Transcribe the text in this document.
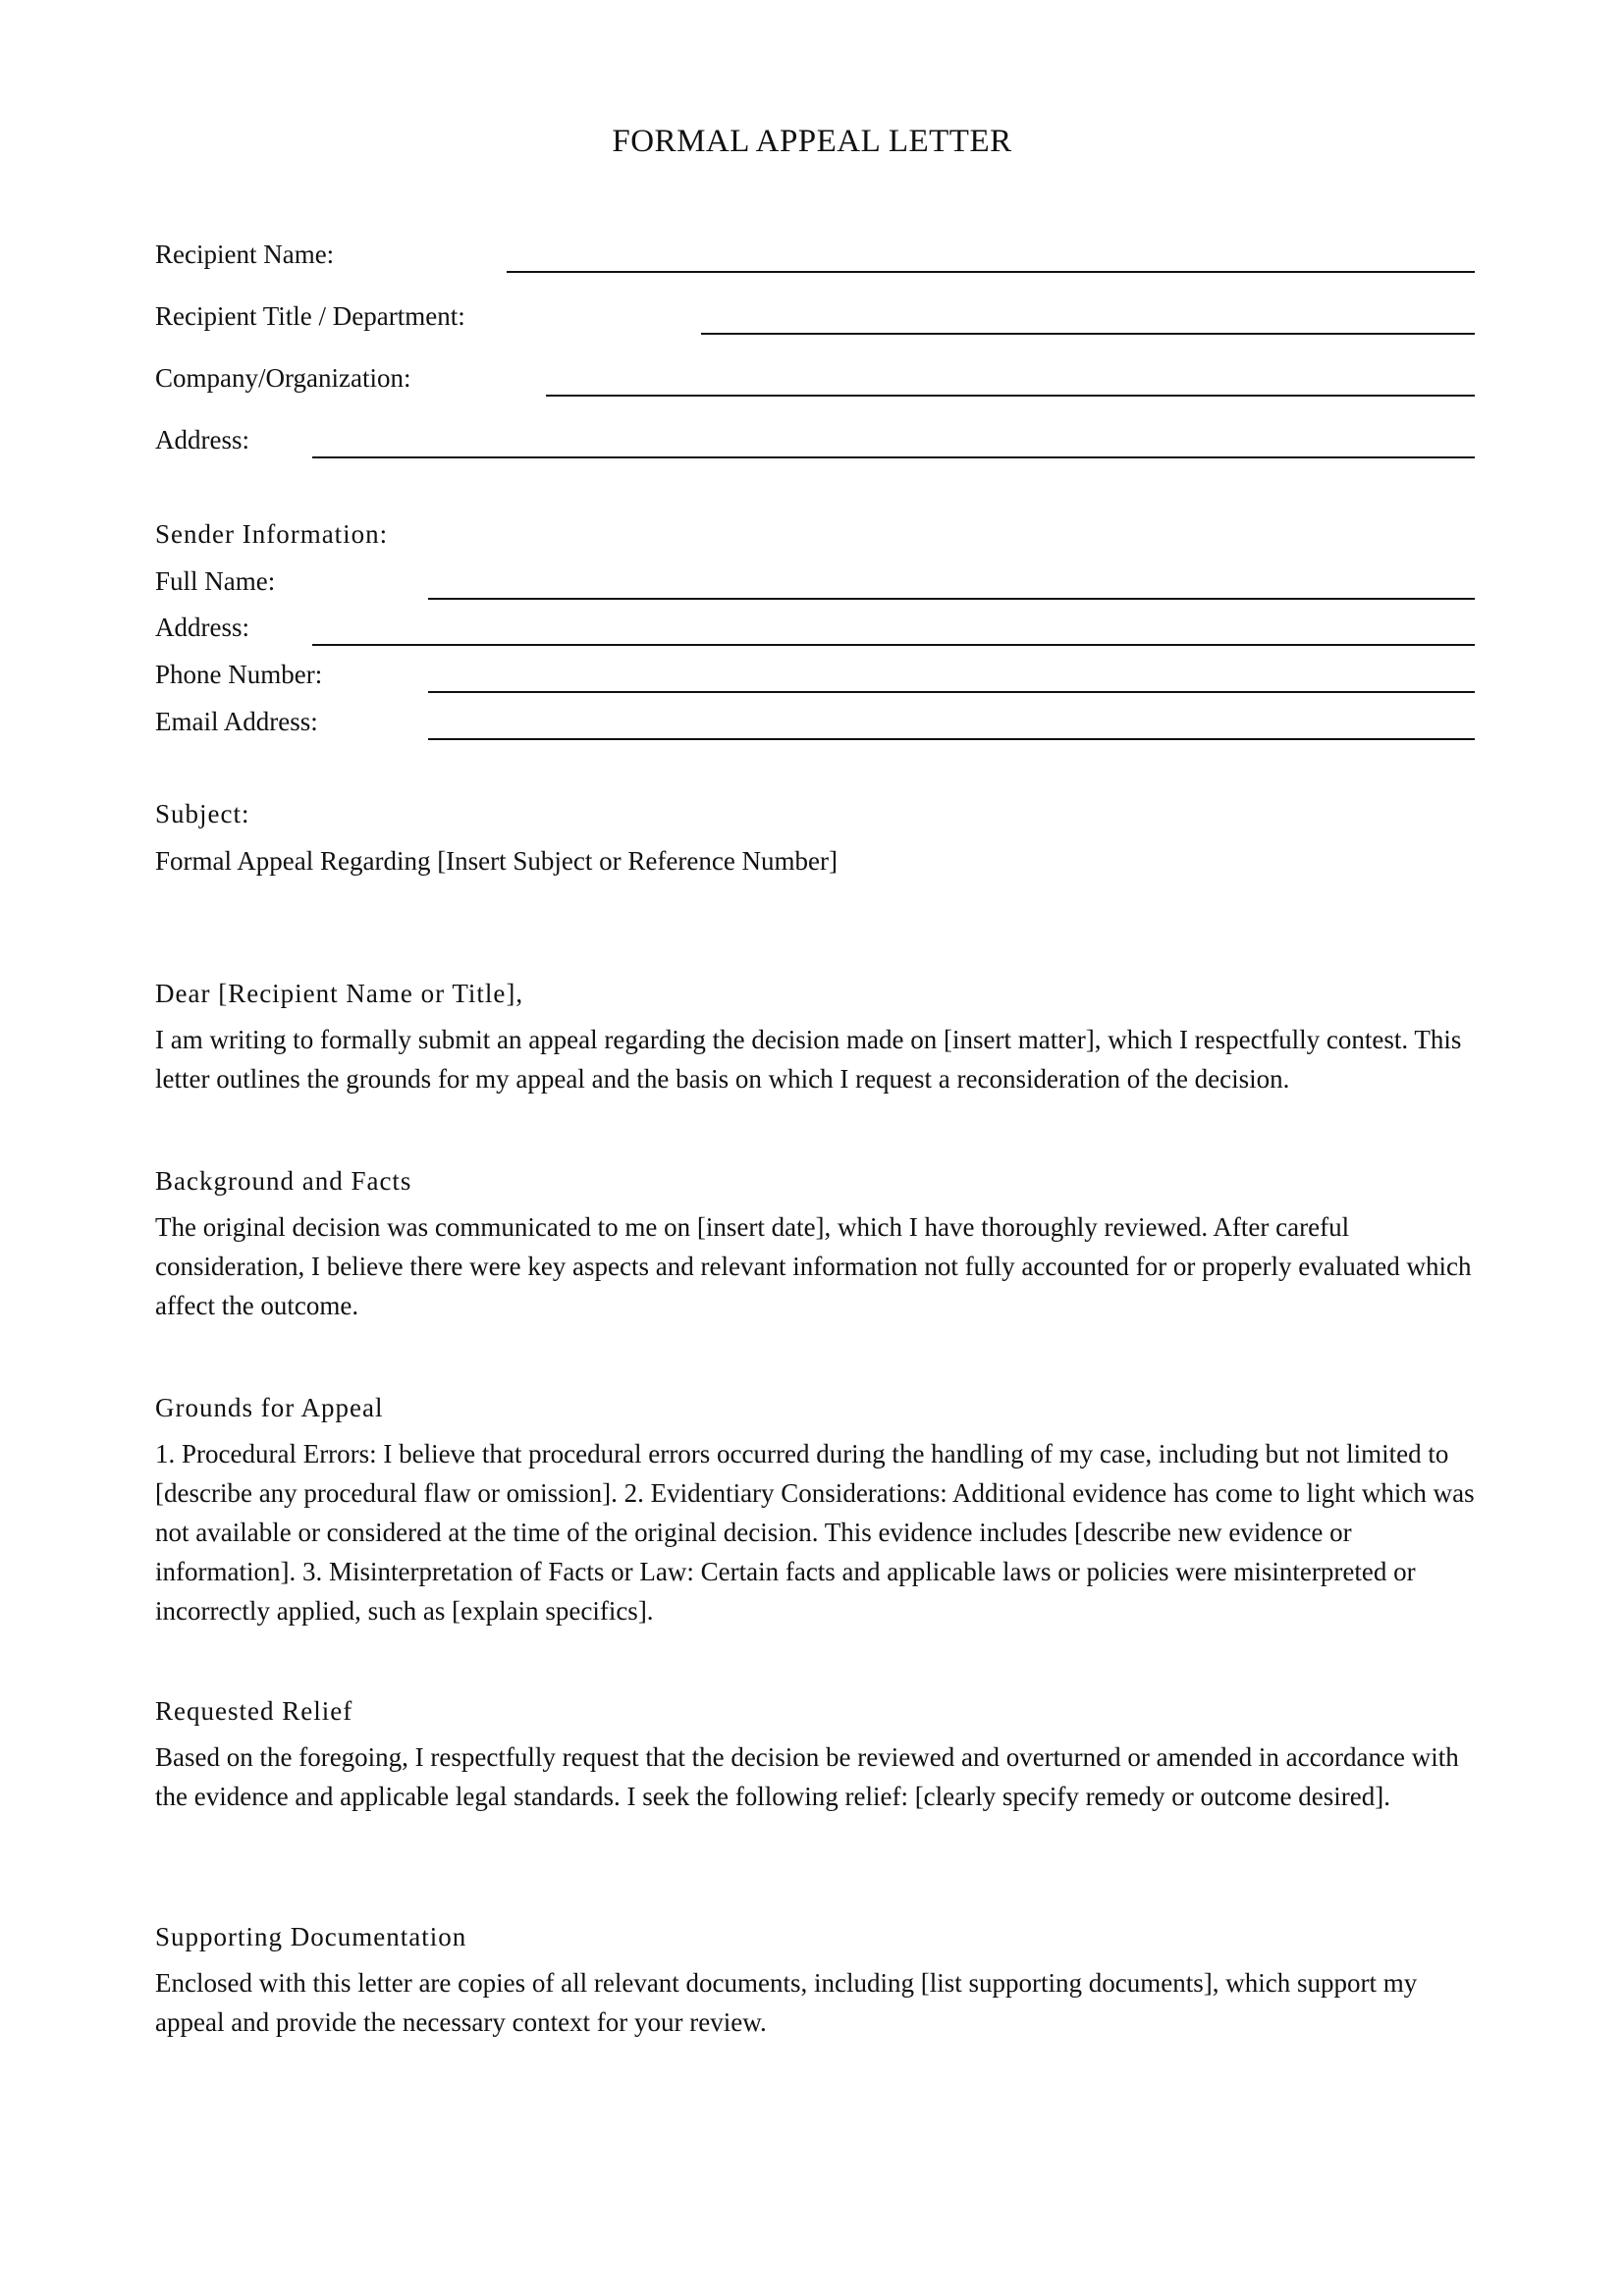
FORMAL APPEAL LETTER
Recipient Name:
Recipient Title / Department:
Company/Organization:
Address:
Sender Information:
Full Name:
Address:
Phone Number:
Email Address:
Subject:
Formal Appeal Regarding [Insert Subject or Reference Number]
Dear [Recipient Name or Title],
I am writing to formally submit an appeal regarding the decision made on [insert matter], which I respectfully contest. This letter outlines the grounds for my appeal and the basis on which I request a reconsideration of the decision.
Background and Facts
The original decision was communicated to me on [insert date], which I have thoroughly reviewed. After careful consideration, I believe there were key aspects and relevant information not fully accounted for or properly evaluated which affect the outcome.
Grounds for Appeal
1. Procedural Errors: I believe that procedural errors occurred during the handling of my case, including but not limited to [describe any procedural flaw or omission]. 2. Evidentiary Considerations: Additional evidence has come to light which was not available or considered at the time of the original decision. This evidence includes [describe new evidence or information]. 3. Misinterpretation of Facts or Law: Certain facts and applicable laws or policies were misinterpreted or incorrectly applied, such as [explain specifics].
Requested Relief
Based on the foregoing, I respectfully request that the decision be reviewed and overturned or amended in accordance with the evidence and applicable legal standards. I seek the following relief: [clearly specify remedy or outcome desired].
Supporting Documentation
Enclosed with this letter are copies of all relevant documents, including [list supporting documents], which support my appeal and provide the necessary context for your review.
